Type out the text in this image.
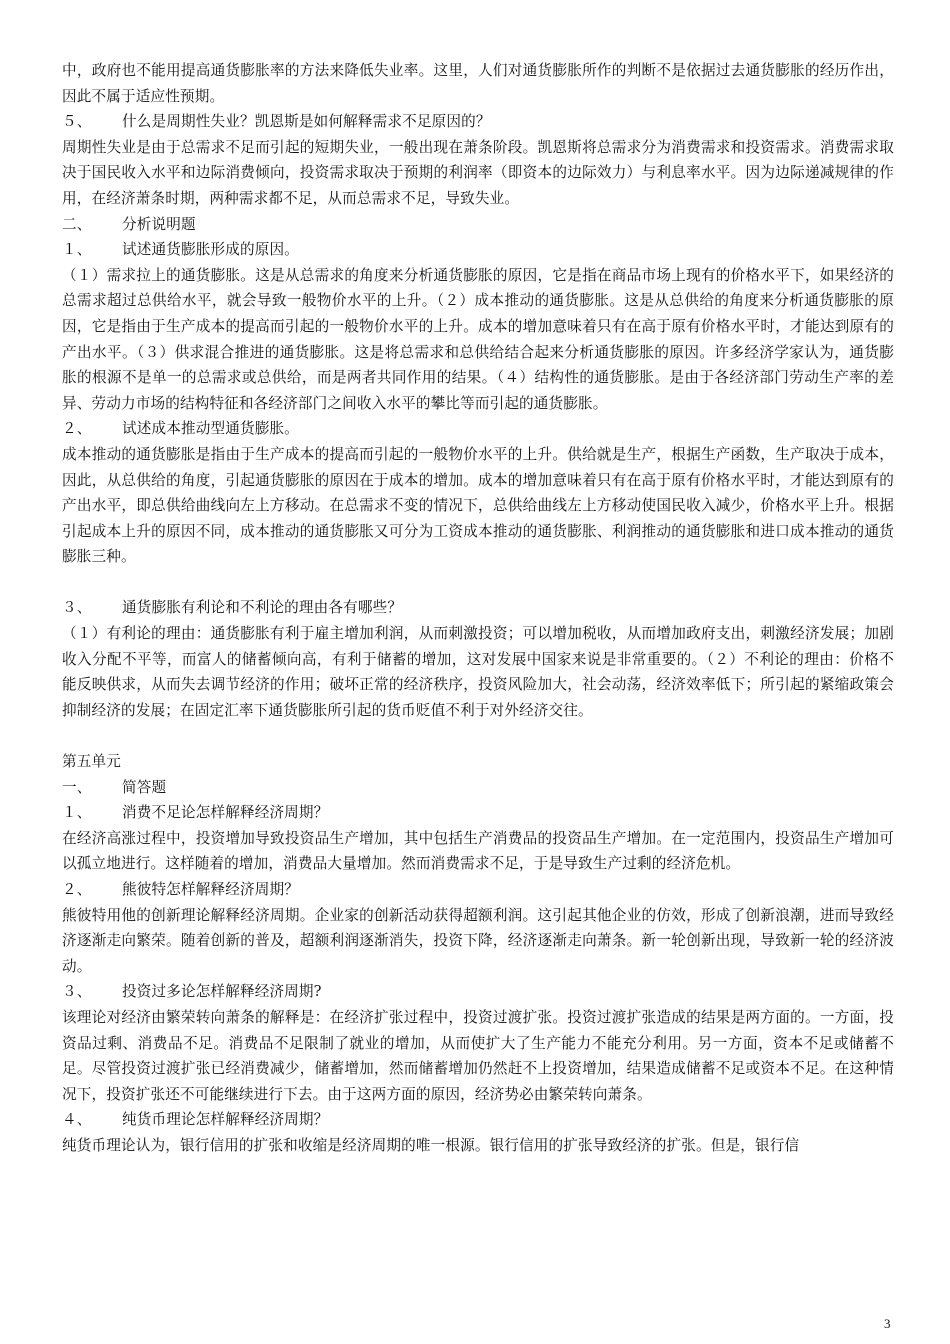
中，政府也不能用提高通货膨胀率的方法来降低失业率。这里，人们对通货膨胀所作的判断不是依据过去通货膨胀的经历作出，因此不属于适应性预期。

５、 什么是周期性失业？凯恩斯是如何解释需求不足原因的？

周期性失业是由于总需求不足而引起的短期失业，一般出现在萧条阶段。凯恩斯将总需求分为消费需求和投资需求。消费需求取决于国民收入水平和边际消费倾向，投资需求取决于预期的利润率（即资本的边际效力）与利息率水平。因为边际递减规律的作用，在经济萧条时期，两种需求都不足，从而总需求不足，导致失业。

二、 分析说明题

１、 试述通货膨胀形成的原因。

（１）需求拉上的通货膨胀。这是从总需求的角度来分析通货膨胀的原因，它是指在商品市场上现有的价格水平下，如果经济的总需求超过总供给水平，就会导致一般物价水平的上升。（２）成本推动的通货膨胀。这是从总供给的角度来分析通货膨胀的原因，它是指由于生产成本的提高而引起的一般物价水平的上升。成本的增加意味着只有在高于原有价格水平时，才能达到原有的产出水平。（３）供求混合推进的通货膨胀。这是将总需求和总供给结合起来分析通货膨胀的原因。许多经济学家认为，通货膨胀的根源不是单一的总需求或总供给，而是两者共同作用的结果。（４）结构性的通货膨胀。是由于各经济部门劳动生产率的差异、劳动力市场的结构特征和各经济部门之间收入水平的攀比等而引起的通货膨胀。

２、 试述成本推动型通货膨胀。

成本推动的通货膨胀是指由于生产成本的提高而引起的一般物价水平的上升。供给就是生产，根据生产函数，生产取决于成本，因此，从总供给的角度，引起通货膨胀的原因在于成本的增加。成本的增加意味着只有在高于原有价格水平时，才能达到原有的产出水平，即总供给曲线向左上方移动。在总需求不变的情况下，总供给曲线左上方移动使国民收入减少，价格水平上升。根据引起成本上升的原因不同，成本推动的通货膨胀又可分为工资成本推动的通货膨胀、利润推动的通货膨胀和进口成本推动的通货膨胀三种。

３、 通货膨胀有利论和不利论的理由各有哪些？

（１）有利论的理由：通货膨胀有利于雇主增加利润，从而刺激投资；可以增加税收，从而增加政府支出，刺激经济发展；加剧收入分配不平等，而富人的储蓄倾向高，有利于储蓄的增加，这对发展中国家来说是非常重要的。（２）不利论的理由：价格不能反映供求，从而失去调节经济的作用；破坏正常的经济秩序，投资风险加大，社会动荡，经济效率低下；所引起的紧缩政策会抑制经济的发展；在固定汇率下通货膨胀所引起的货币贬值不利于对外经济交往。

第五单元

一、 简答题

１、 消费不足论怎样解释经济周期？

在经济高涨过程中，投资增加导致投资品生产增加，其中包括生产消费品的投资品生产增加。在一定范围内，投资品生产增加可以孤立地进行。这样随着的增加，消费品大量增加。然而消费需求不足，于是导致生产过剩的经济危机。

２、 熊彼特怎样解释经济周期？

熊彼特用他的创新理论解释经济周期。企业家的创新活动获得超额利润。这引起其他企业的仿效，形成了创新浪潮，进而导致经济逐渐走向繁荣。随着创新的普及，超额利润逐渐消失，投资下降，经济逐渐走向萧条。新一轮创新出现，导致新一轮的经济波动。

３、 投资过多论怎样解释经济周期?

该理论对经济由繁荣转向萧条的解释是：在经济扩张过程中，投资过渡扩张。投资过渡扩张造成的结果是两方面的。一方面，投资品过剩、消费品不足。消费品不足限制了就业的增加，从而使扩大了生产能力不能充分利用。另一方面，资本不足或储蓄不足。尽管投资过渡扩张已经消费减少，储蓄增加，然而储蓄增加仍然赶不上投资增加，结果造成储蓄不足或资本不足。在这种情况下，投资扩张还不可能继续进行下去。由于这两方面的原因，经济势必由繁荣转向萧条。

４、 纯货币理论怎样解释经济周期？

纯货币理论认为，银行信用的扩张和收缩是经济周期的唯一根源。银行信用的扩张导致经济的扩张。但是，银行信

3
